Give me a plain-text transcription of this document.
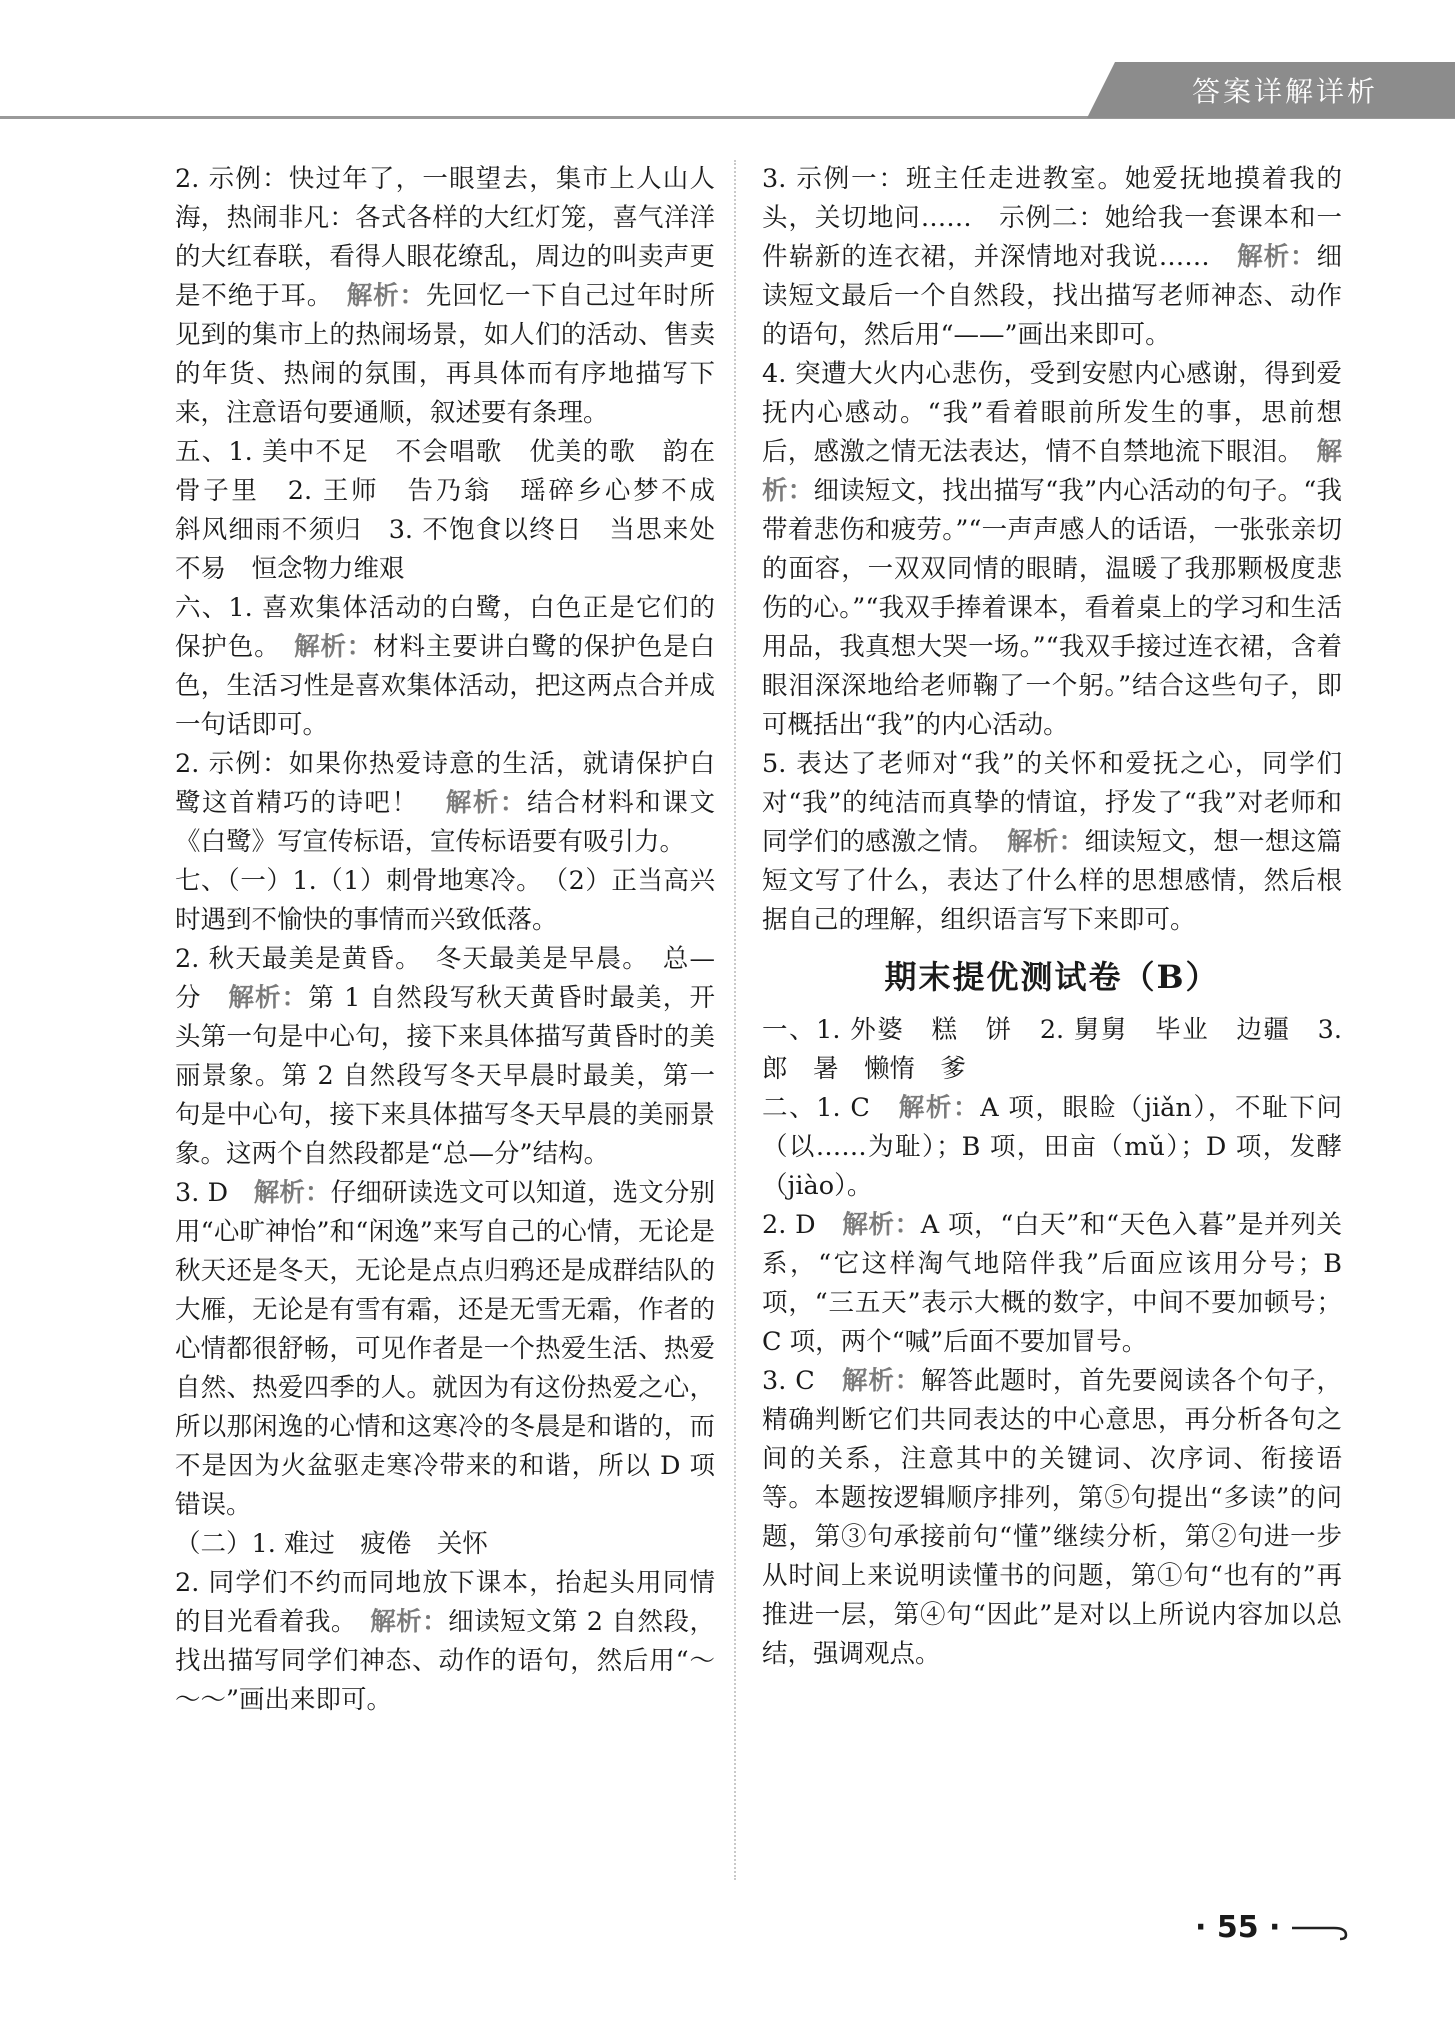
答案详解详析

2. 示例：快过年了，一眼望去，集市上人山人海，热闹非凡：各式各样的大红灯笼，喜气洋洋的大红春联，看得人眼花缭乱，周边的叫卖声更是不绝于耳。　 解析：先回忆一下自己过年时所见到的集市上的热闹场景，如人们的活动、售卖的年货、热闹的氛围，再具体而有序地描写下来，注意语句要通顺，叙述要有条理。

五、1. 美中不足　不会唱歌　优美的歌　韵在骨子里　2. 王师　告乃翁　瑶碎乡心梦不成　斜风细雨不须归　3. 不饱食以终日　当思来处不易　恒念物力维艰

六、1. 喜欢集体活动的白鹭，白色正是它们的保护色。　 解析：材料主要讲白鹭的保护色是白色，生活习性是喜欢集体活动，把这两点合并成一句话即可。

2. 示例：如果你热爱诗意的生活，就请保护白鹭这首精巧的诗吧！　 解析：结合材料和课文《白鹭》写宣传标语，宣传标语要有吸引力。

七、（一）1.（1）刺骨地寒冷。　（2）正当高兴时遇到不愉快的事情而兴致低落。

2. 秋天最美是黄昏。　冬天最美是早晨。　总—分　 解析：第 1 自然段写秋天黄昏时最美，开头第一句是中心句，接下来具体描写黄昏时的美丽景象。第 2 自然段写冬天早晨时最美，第一句是中心句，接下来具体描写冬天早晨的美丽景象。这两个自然段都是“总—分”结构。

3. D　 解析：仔细研读选文可以知道，选文分别用“心旷神怡”和“闲逸”来写自己的心情，无论是秋天还是冬天，无论是点点归鸦还是成群结队的大雁，无论是有雪有霜，还是无雪无霜，作者的心情都很舒畅，可见作者是一个热爱生活、热爱自然、热爱四季的人。就因为有这份热爱之心，所以那闲逸的心情和这寒冷的冬晨是和谐的，而不是因为火盆驱走寒冷带来的和谐，所以 D 项错误。

（二）1. 难过　疲倦　关怀

2. 同学们不约而同地放下课本，抬起头用同情的目光看着我。　 解析：细读短文第 2 自然段，找出描写同学们神态、动作的语句，然后用“～～～”画出来即可。

3. 示例一：班主任走进教室。她爱抚地摸着我的头，关切地问……　示例二：她给我一套课本和一件崭新的连衣裙，并深情地对我说……　 解析：细读短文最后一个自然段，找出描写老师神态、动作的语句，然后用“——”画出来即可。

4. 突遭大火内心悲伤，受到安慰内心感谢，得到爱抚内心感动。“我”看着眼前所发生的事，思前想后，感激之情无法表达，情不自禁地流下眼泪。　 解析：细读短文，找出描写“我”内心活动的句子。“我带着悲伤和疲劳。”“一声声感人的话语，一张张亲切的面容，一双双同情的眼睛，温暖了我那颗极度悲伤的心。”“我双手捧着课本，看着桌上的学习和生活用品，我真想大哭一场。”“我双手接过连衣裙，含着眼泪深深地给老师鞠了一个躬。”结合这些句子，即可概括出“我”的内心活动。

5. 表达了老师对“我”的关怀和爱抚之心，同学们对“我”的纯洁而真挚的情谊，抒发了“我”对老师和同学们的感激之情。　 解析：细读短文，想一想这篇短文写了什么，表达了什么样的思想感情，然后根据自己的理解，组织语言写下来即可。

期末提优测试卷（B）

一、1. 外婆　糕　饼　2. 舅舅　毕业　边疆　3. 郎　暑　懒惰　爹

二、1. C　 解析：A 项，眼睑（jiǎn），不耻下问（以……为耻）；B 项，田亩（mǔ）；D 项，发酵（jiào）。

2. D　 解析：A 项，“白天”和“天色入暮”是并列关系，“它这样淘气地陪伴我”后面应该用分号；B 项，“三五天”表示大概的数字，中间不要加顿号；C 项，两个“喊”后面不要加冒号。

3. C　 解析：解答此题时，首先要阅读各个句子，精确判断它们共同表达的中心意思，再分析各句之间的关系，注意其中的关键词、次序词、衔接语等。本题按逻辑顺序排列，第⑤句提出“多读”的问题，第③句承接前句“懂”继续分析，第②句进一步从时间上来说明读懂书的问题，第①句“也有的”再推进一层，第④句“因此”是对以上所说内容加以总结，强调观点。

· 55 ·
